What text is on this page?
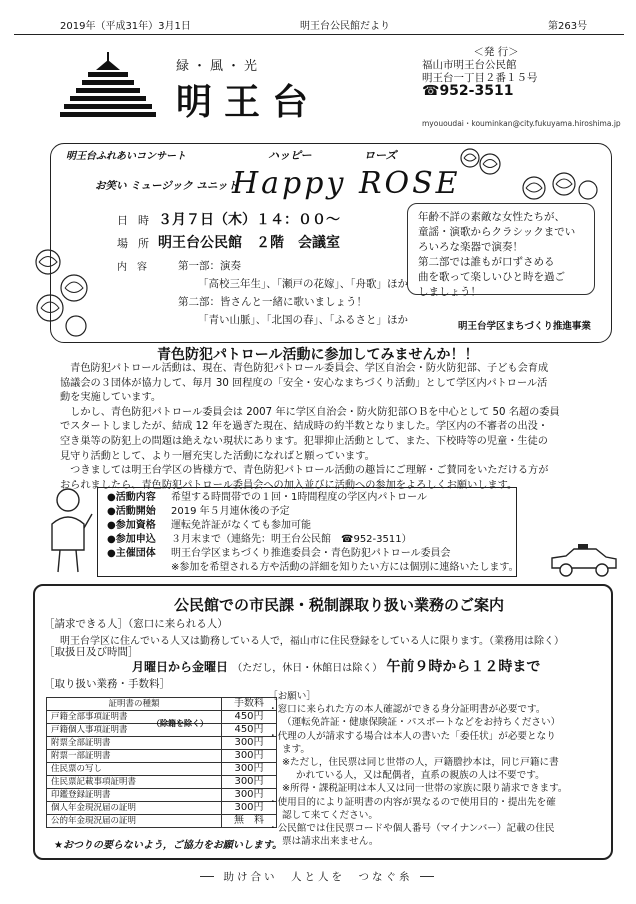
2019年（平成31年）3月1日	明王台公民館だより	第263号
緑・風・光
明王台
＜発 行＞
福山市明王台公民館
明王台一丁目２番１５号
☎952-3511
myououdai・kouminkan@city.fukuyama.hiroshima.jp
明王台ふれあいコンサート	ハッピー	ローズ
お笑い ミュージック ユニット
Happy ROSE
日時 ３月７日（木）１４：００～
場所 明王台公民館　２階　会議室
内容 第一部：演奏
「高校三年生」、「瀬戸の花嫁」、「舟歌」ほか
第二部：皆さんと一緒に歌いましょう！
「青い山脈」、「北国の春」、「ふるさと」ほか
年齢不詳の素敵な女性たちが、
童謡・演歌からクラシックまでい
ろいろな楽器で演奏！
第二部では誰もが口ずさめる
曲を歌って楽しいひと時を過ご
しましょう！
明王台学区まちづくり推進事業
青色防犯パトロール活動に参加してみませんか！！
　青色防犯パトロール活動は、現在、青色防犯パトロール委員会、学区自治会・防火防犯部、子ども会育成
協議会の３団体が協力して、毎月 30 回程度の「安全・安心なまちづくり活動」として学区内パトロール活
動を実施しています。
　しかし、青色防犯パトロール委員会は 2007 年に学区自治会・防火防犯部ＯＢを中心として 50 名超の委員
でスタートしましたが、結成 12 年を過ぎた現在、結成時の約半数となりました。学区内の不審者の出没・
空き巣等の防犯上の問題は絶えない現状にあります。犯罪抑止活動として、また、下校時等の児童・生徒の
見守り活動として、より一層充実した活動になればと願っています。
　つきましては明王台学区の皆様方で、青色防犯パトロール活動の趣旨にご理解・ご賛同をいただける方が
おられましたら、青色防犯パトロール委員会への加入並びに活動への参加をよろしくお願いします。
●活動内容 希望する時間帯での１回・1時間程度の学区内パトロール
●活動開始 2019 年５月連休後の予定
●参加資格 運転免許証がなくても参加可能
●参加申込 ３月末まで（連絡先：明王台公民館　☎952-3511）
●主催団体 明王台学区まちづくり推進委員会・青色防犯パトロール委員会
※参加を希望される方や活動の詳細を知りたい方には個別に連絡いたします。
公民館での市民課・税制課取り扱い業務のご案内
［請求できる人］（窓口に来られる人）
明王台学区に住んでいる人又は勤務している人で，福山市に住民登録をしている人に限ります。（業務用は除く）
［取扱日及び時間］
月曜日から金曜日 （ただし，休日・休館日は除く） 午前９時から１２時まで
［取り扱い業務・手数料］
証明書の種類	手数料
戸籍全部事項証明書	450円
戸籍個人事項証明書	450円
附票全部証明書	300円
附票一部証明書	300円
住民票の写し	300円
住民票記載事項証明書	300円
印鑑登録証明書	300円
個人年金現況届の証明	300円
公的年金現況届の証明	無　料
（除籍を除く）
［お願い］
・窓口に来られた方の本人確認ができる身分証明書が必要です。
（運転免許証・健康保険証・パスポートなどをお持ちください）
・代理の人が請求する場合は本人の書いた「委任状」が必要となり
ます。
※ただし，住民票は同じ世帯の人，戸籍謄抄本は，同じ戸籍に書
かれている人，又は配偶者，直系の親族の人は不要です。
※所得・課税証明は本人又は同一世帯の家族に限り請求できます。
・使用目的により証明書の内容が異なるので使用目的・提出先を確
認して来てください。
・公民館では住民票コードや個人番号（マイナンバー）記載の住民
票は請求出来ません。
★おつりの要らないよう，ご協力をお願いします。
助け合い　人と人を　つなぐ糸
